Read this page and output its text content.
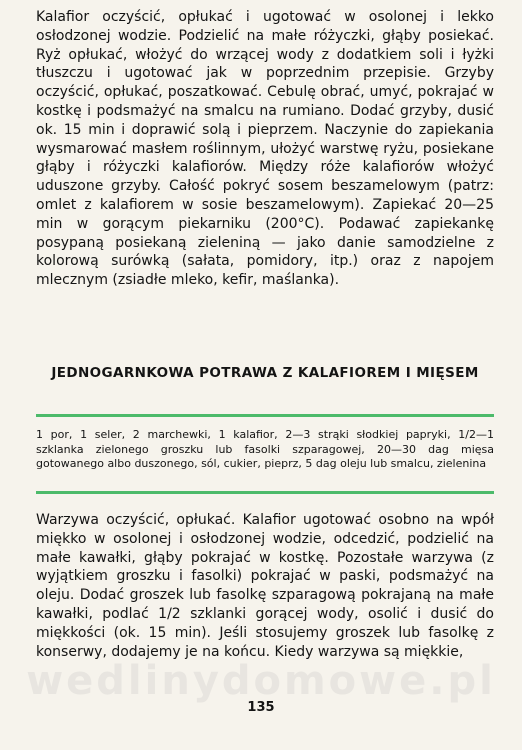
Kalafior oczyścić, opłukać i ugotować w osolonej i lekko osłodzonej wodzie. Podzielić na małe różyczki, głąby posiekać. Ryż opłukać, włożyć do wrzącej wody z dodatkiem soli i łyżki tłuszczu i ugotować jak w poprzednim przepisie. Grzyby oczyścić, opłukać, poszatkować. Cebulę obrać, umyć, pokrajać w kostkę i podsmażyć na smalcu na rumiano. Dodać grzyby, dusić ok. 15 min i doprawić solą i pieprzem. Naczynie do zapiekania wysmarować masłem roślinnym, ułożyć warstwę ryżu, posiekane głąby i różyczki kalafiorów. Między róże kalafiorów włożyć uduszone grzyby. Całość pokryć sosem beszamelowym (patrz: omlet z kalafiorem w sosie beszamelowym). Zapiekać 20—25 min w gorącym piekarniku (200°C). Podawać zapiekankę posypaną posiekaną zieleniną — jako danie samodzielne z kolorową surówką (sałata, pomidory, itp.) oraz z napojem mlecznym (zsiadłe mleko, kefir, maślanka).

JEDNOGARNKOWA POTRAWA Z KALAFIOREM I MIĘSEM

1 por, 1 seler, 2 marchewki, 1 kalafior, 2—3 strąki słodkiej papryki, 1/2—1 szklanka zielonego groszku lub fasolki szparagowej, 20—30 dag mięsa gotowanego albo duszonego, sól, cukier, pieprz, 5 dag oleju lub smalcu, zielenina

Warzywa oczyścić, opłukać. Kalafior ugotować osobno na wpół miękko w osolonej i osłodzonej wodzie, odcedzić, podzielić na małe kawałki, głąby pokrajać w kostkę. Pozostałe warzywa (z wyjątkiem groszku i fasolki) pokrajać w paski, podsmażyć na oleju. Dodać groszek lub fasolkę szparagową pokrajaną na małe kawałki, podlać 1/2 szklanki gorącej wody, osolić i dusić do miękkości (ok. 15 min). Jeśli stosujemy groszek lub fasolkę z konserwy, dodajemy je na końcu. Kiedy warzywa są miękkie,

wedlinydomowe.pl
135
